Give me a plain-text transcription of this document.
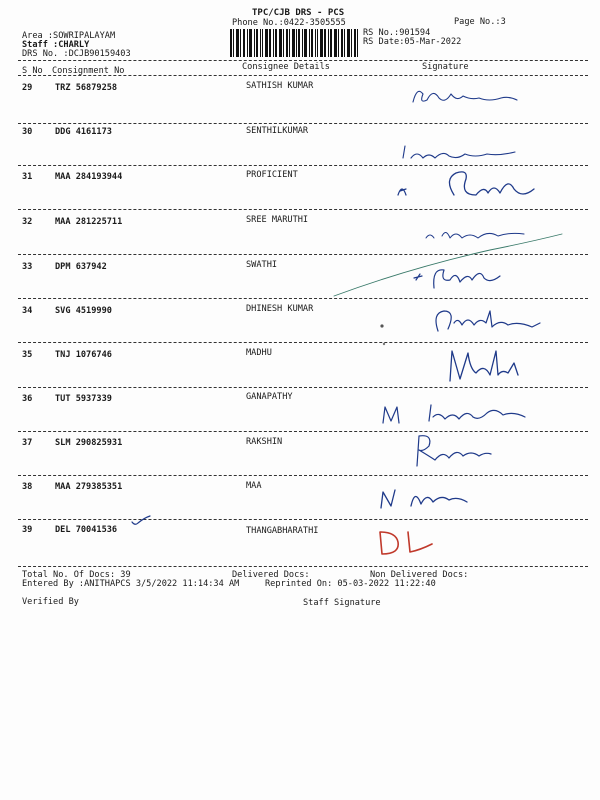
TPC/CJB DRS - PCS
Phone No.:0422-3505555	Page No.:3
Area :SOWRIPALAYAM
Staff :CHARLY
DRS No. :DCJB90159403
RS No.:901594
RS Date:05-Mar-2022
S No Consignment No	Consignee Details	Signature
29	TRZ 56879258	SATHISH KUMAR
30	DDG 4161173	SENTHILKUMAR
31	MAA 284193944	PROFICIENT
32	MAA 281225711	SREE MARUTHI
33	DPM 637942	SWATHI
34	SVG 4519990	DHINESH KUMAR
35	TNJ 1076746	MADHU
36	TUT 5937339	GANAPATHY
37	SLM 290825931	RAKSHIN
38	MAA 279385351	MAA
39	DEL 70041536	THANGABHARATHI
Total No. Of Docs: 39	Delivered Docs:	Non Delivered Docs:
Entered By :ANITHAPCS 3/5/2022 11:14:34 AM	Reprinted On: 05-03-2022 11:22:40
Verified By	Staff Signature
